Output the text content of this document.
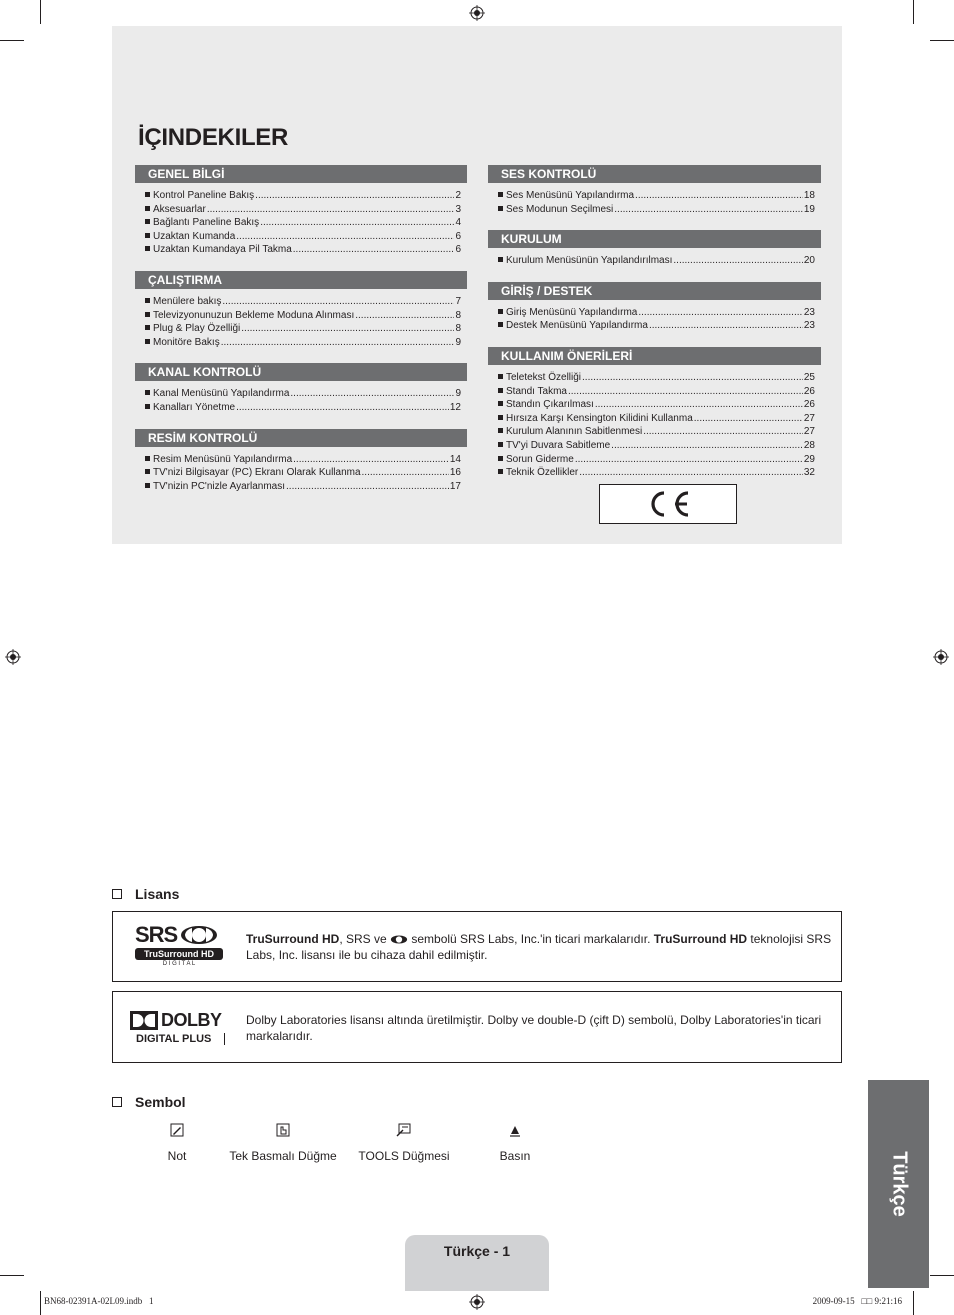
İÇINDEKILER
GENEL BİLGİ
Kontrol Paneline Bakış .....	2
Aksesuarlar .....	3
Bağlantı Paneline Bakış .....	4
Uzaktan Kumanda .....	6
Uzaktan Kumandaya Pil Takma .....	6
ÇALIŞTIRMA
Menülere bakış .....	7
Televizyonunuzun Bekleme Moduna Alınması .....	8
Plug & Play Özelliği .....	8
Monitöre Bakış .....	9
KANAL KONTROLÜ
Kanal Menüsünü Yapılandırma .....	9
Kanalları Yönetme .....	12
RESİM KONTROLÜ
Resim Menüsünü Yapılandırma .....	14
TV'nizi Bilgisayar (PC) Ekranı Olarak Kullanma .....	16
TV'nizin PC'nizle Ayarlanması .....	17
SES KONTROLÜ
Ses Menüsünü Yapılandırma .....	18
Ses Modunun Seçilmesi .....	19
KURULUM
Kurulum Menüsünün Yapılandırılması .....	20
GİRİŞ / DESTEK
Giriş Menüsünü Yapılandırma .....	23
Destek Menüsünü Yapılandırma .....	23
KULLANIM ÖNERİLERİ
Teletekst Özelliği .....	25
Standı Takma .....	26
Standın Çıkarılması .....	26
Hırsıza Karşı Kensington Kilidini Kullanma .....	27
Kurulum Alanının Sabitlenmesi .....	27
TV'yi Duvara Sabitleme .....	28
Sorun Giderme .....	29
Teknik Özellikler .....	32
Lisans
SRS
TruSurround HD
D I G I T A L
TruSurround HD, SRS ve  sembolü SRS Labs, Inc.'in ticari markalarıdır. TruSurround HD teknolojisi SRS Labs, Inc. lisansı ile bu cihaza dahil edilmiştir.
DOLBY
DIGITAL PLUS
Dolby Laboratories lisansı altında üretilmiştir. Dolby ve double-D (çift D) sembolü, Dolby Laboratories'in ticari markalarıdır.
Sembol
Not	Tek Basmalı Düğme	TOOLS Düğmesi	Basın	Türkçe
Türkçe - 1
BN68-02391A-02L09.indb   1	2009-09-15   □□ 9:21:16
